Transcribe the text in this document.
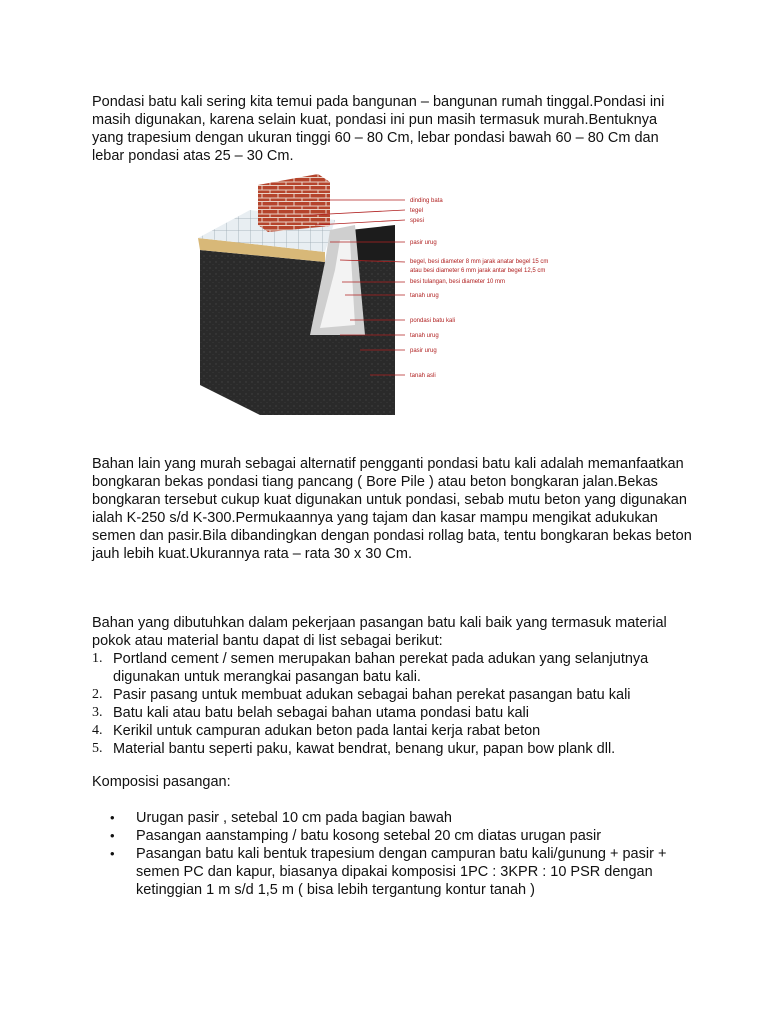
Pondasi batu kali sering kita temui pada bangunan – bangunan rumah tinggal.Pondasi ini masih digunakan, karena selain kuat, pondasi ini pun masih termasuk murah.Bentuknya yang trapesium dengan ukuran tinggi 60 – 80 Cm, lebar pondasi bawah 60 – 80 Cm dan lebar pondasi atas 25 – 30 Cm.

dinding bata
tegel
spesi
pasir urug
begel, besi diameter 8 mm jarak anatar begel 15 cm
atau besi diameter 6 mm jarak antar begel 12,5 cm
besi tulangan, besi diameter 10 mm
tanah urug
pondasi batu kali
tanah urug
pasir urug
tanah asli

Bahan lain yang murah sebagai alternatif pengganti pondasi batu kali adalah memanfaatkan bongkaran bekas pondasi tiang pancang ( Bore Pile ) atau beton bongkaran jalan.Bekas bongkaran tersebut cukup kuat digunakan untuk pondasi, sebab mutu beton yang digunakan ialah K-250 s/d K-300.Permukaannya yang tajam dan kasar mampu mengikat adukukan semen dan pasir.Bila dibandingkan dengan pondasi rollag bata, tentu bongkaran bekas beton jauh lebih kuat.Ukurannya rata – rata 30 x 30 Cm.

Bahan yang dibutuhkan dalam pekerjaan pasangan batu kali baik yang termasuk material pokok atau material bantu dapat di list sebagai berikut:

1. Portland cement / semen merupakan bahan perekat pada adukan yang selanjutnya digunakan untuk merangkai pasangan batu kali.
2. Pasir pasang untuk membuat adukan sebagai bahan perekat pasangan batu kali
3. Batu kali atau batu belah sebagai bahan utama pondasi batu kali
4. Kerikil untuk campuran adukan beton pada lantai kerja rabat beton
5. Material bantu seperti paku, kawat bendrat, benang ukur, papan bow plank dll.

Komposisi pasangan:

•	Urugan pasir , setebal 10 cm pada bagian bawah
•	Pasangan aanstamping / batu kosong setebal 20 cm diatas urugan pasir
•	Pasangan batu kali bentuk trapesium dengan campuran batu kali/gunung + pasir + semen PC dan kapur, biasanya dipakai komposisi 1PC : 3KPR : 10 PSR dengan ketinggian 1 m s/d 1,5 m ( bisa lebih tergantung kontur tanah )
